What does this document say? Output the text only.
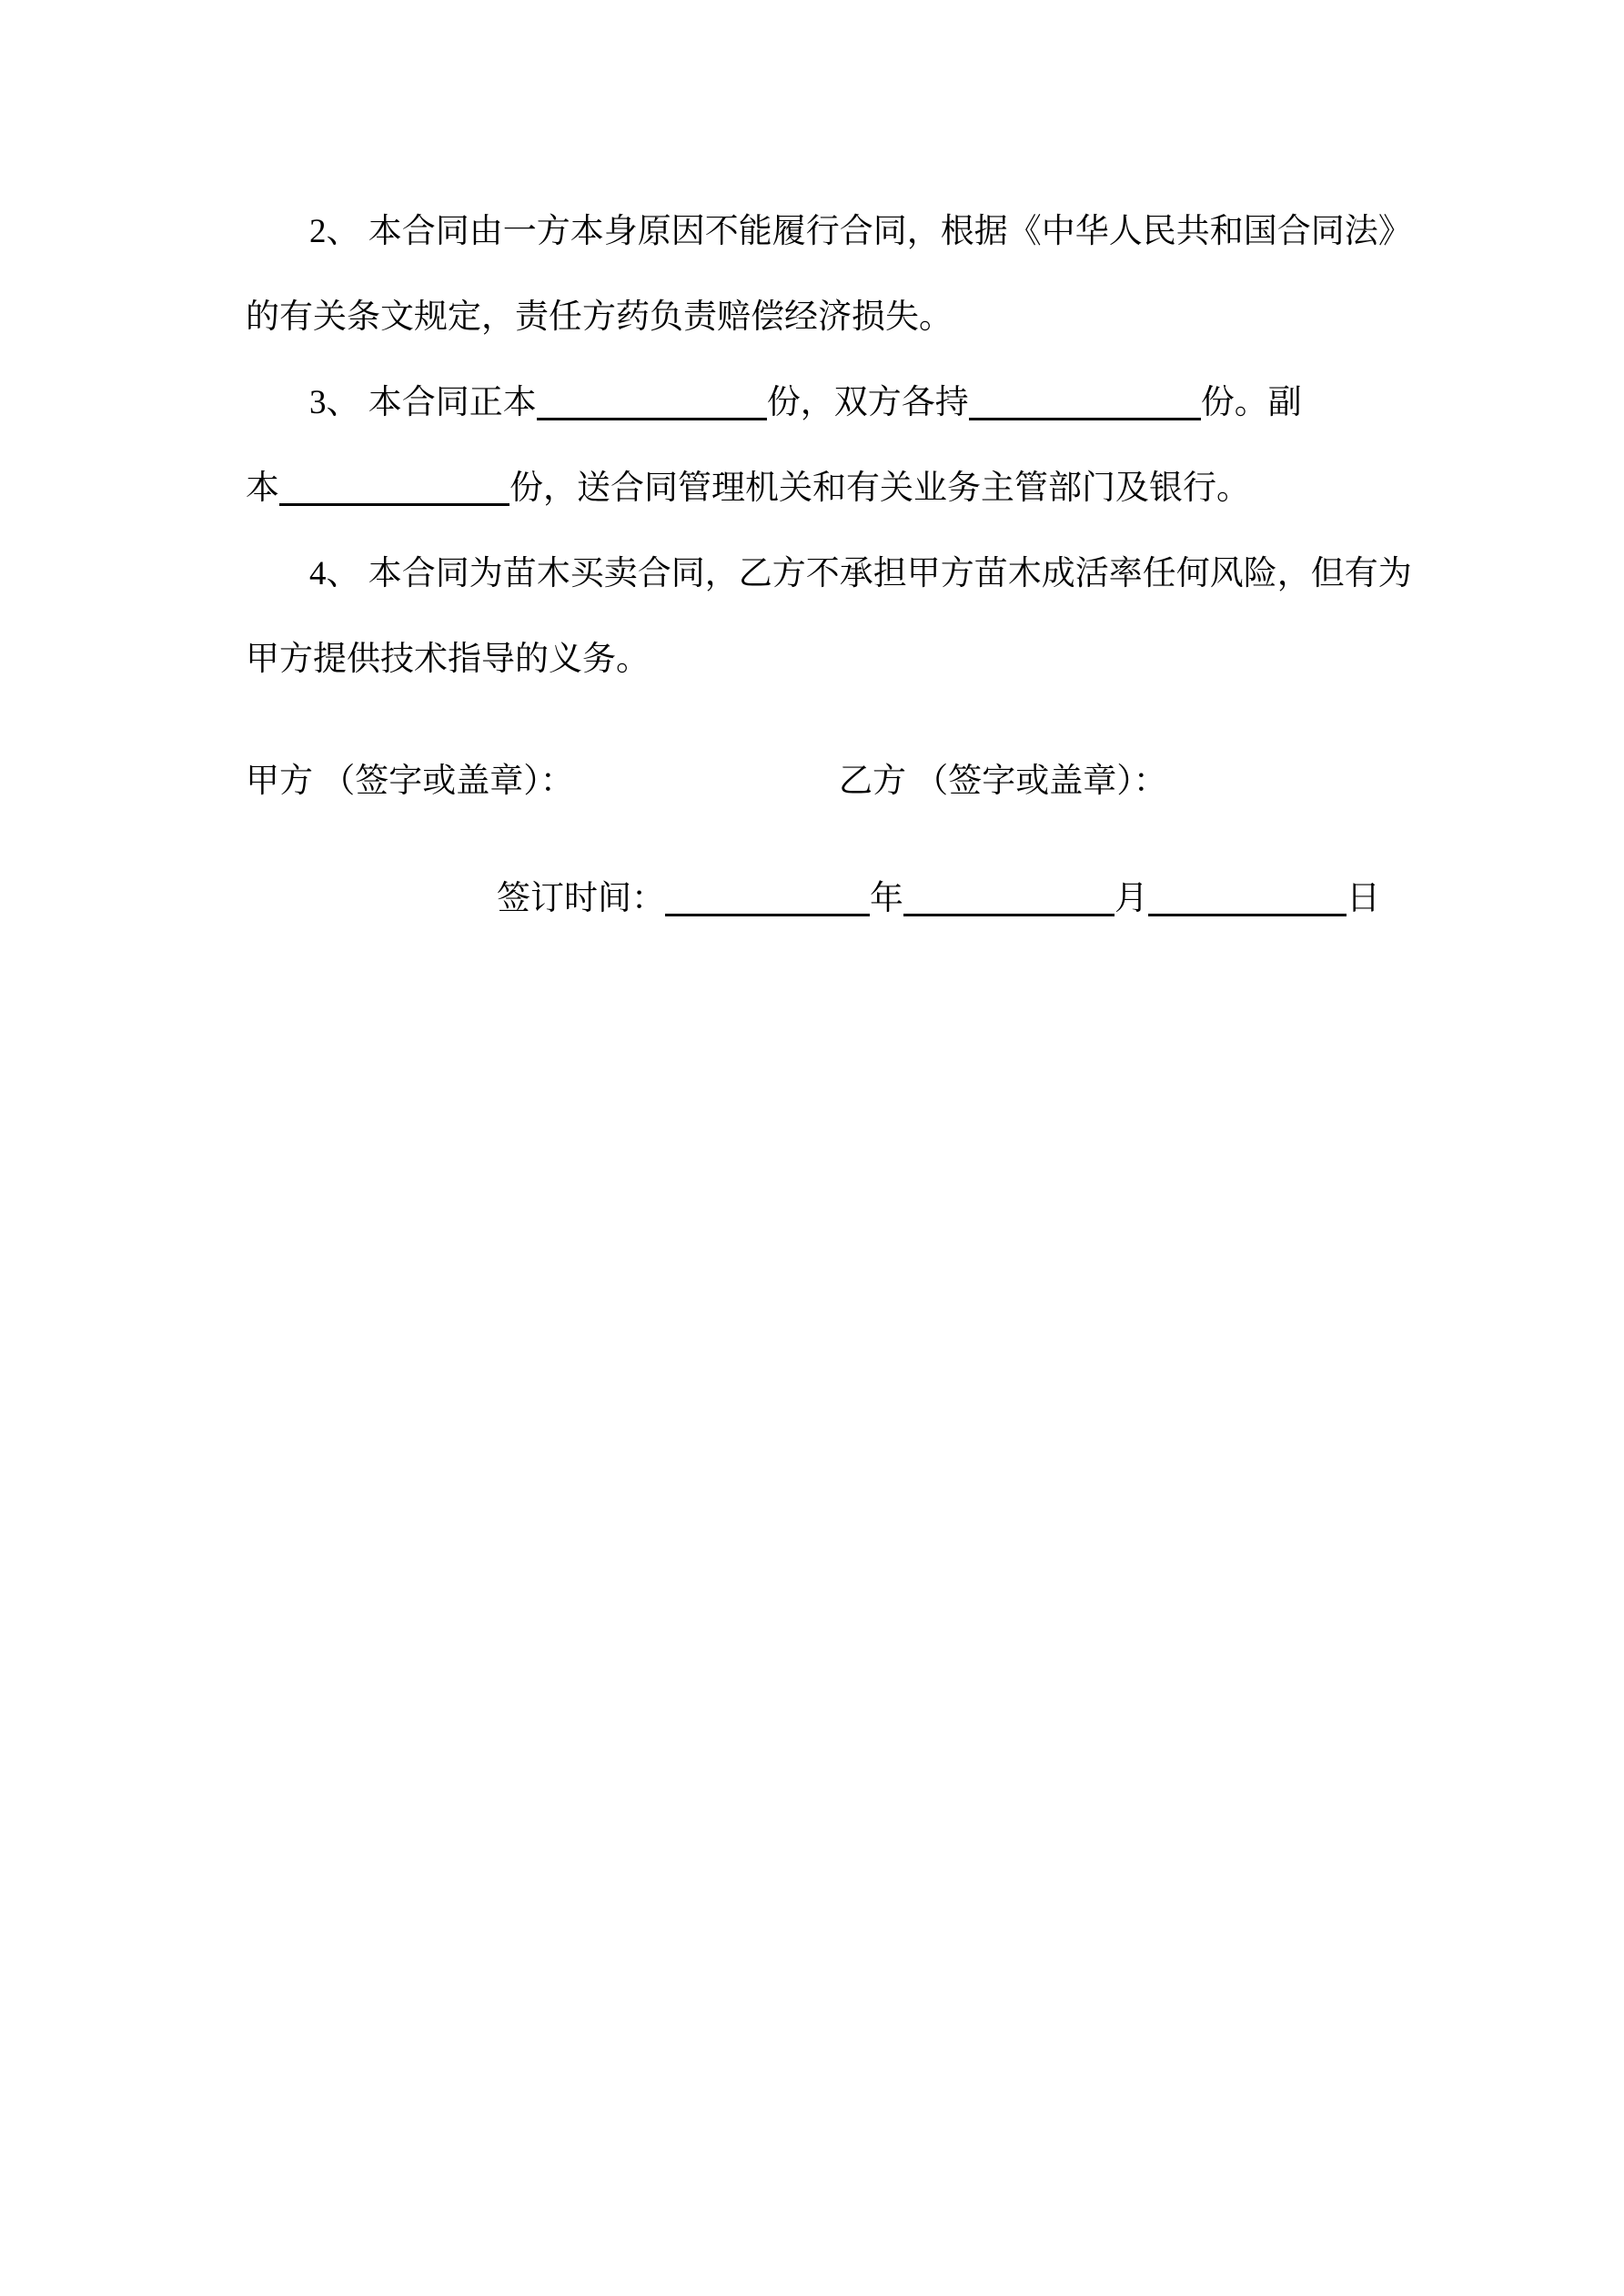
2、 本合同由一方本身原因不能履行合同，根据《中华人民共和国合同法》
的有关条文规定，责任方药负责赔偿经济损失。
3、 本合同正本	份，双方各持	份。副
本	份，送合同管理机关和有关业务主管部门及银行。
4、 本合同为苗木买卖合同，乙方不承担甲方苗木成活率任何风险，但有为
甲方提供技术指导的义务。
甲方 （签字或盖章）：	乙方 （签字或盖章）：
签订时间：	年	月	日
